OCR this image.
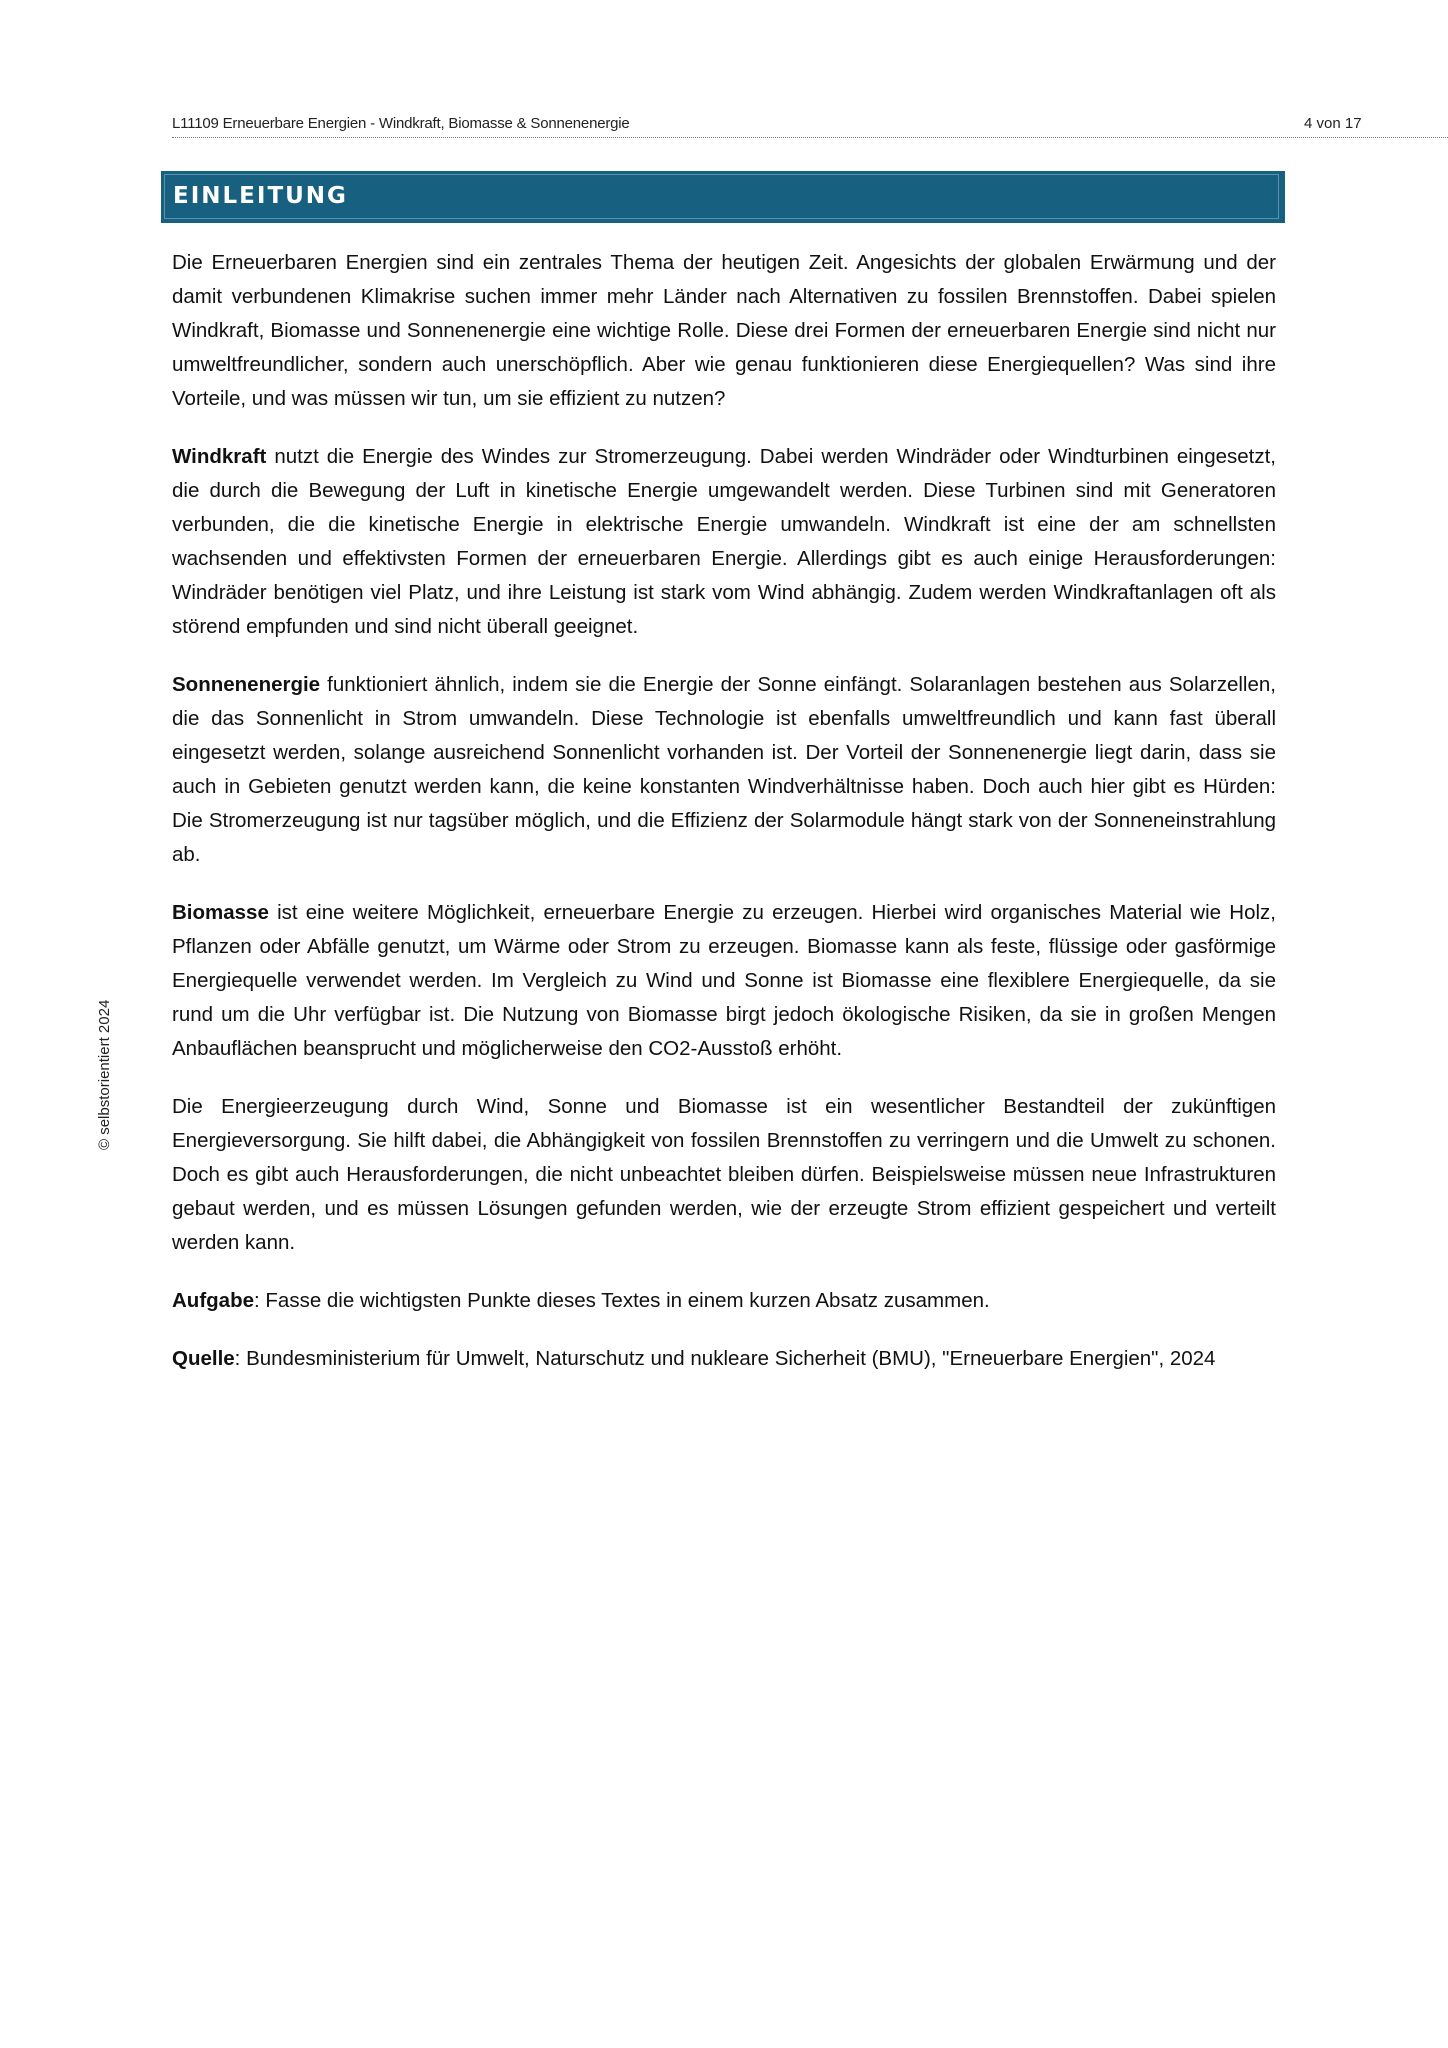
L11109 Erneuerbare Energien - Windkraft, Biomasse & Sonnenenergie	4 von 17
EINLEITUNG

Die Erneuerbaren Energien sind ein zentrales Thema der heutigen Zeit. Angesichts der globalen Erwärmung und der damit verbundenen Klimakrise suchen immer mehr Länder nach Alternativen zu fossilen Brennstoffen. Dabei spielen Windkraft, Biomasse und Sonnenenergie eine wichtige Rolle. Diese drei Formen der erneuerbaren Energie sind nicht nur umweltfreundlicher, sondern auch unerschöpflich. Aber wie genau funktionieren diese Energiequellen? Was sind ihre Vorteile, und was müssen wir tun, um sie effizient zu nutzen?

Windkraft nutzt die Energie des Windes zur Stromerzeugung. Dabei werden Windräder oder Windturbinen eingesetzt, die durch die Bewegung der Luft in kinetische Energie umgewandelt werden. Diese Turbinen sind mit Generatoren verbunden, die die kinetische Energie in elektrische Energie umwandeln. Windkraft ist eine der am schnellsten wachsenden und effektivsten Formen der erneuerbaren Energie. Allerdings gibt es auch einige Herausforderungen: Windräder benötigen viel Platz, und ihre Leistung ist stark vom Wind abhängig. Zudem werden Windkraftanlagen oft als störend empfunden und sind nicht überall geeignet.

Sonnenenergie funktioniert ähnlich, indem sie die Energie der Sonne einfängt. Solaranlagen bestehen aus Solarzellen, die das Sonnenlicht in Strom umwandeln. Diese Technologie ist ebenfalls umweltfreundlich und kann fast überall eingesetzt werden, solange ausreichend Sonnenlicht vorhanden ist. Der Vorteil der Sonnenenergie liegt darin, dass sie auch in Gebieten genutzt werden kann, die keine konstanten Windverhältnisse haben. Doch auch hier gibt es Hürden: Die Stromerzeugung ist nur tagsüber möglich, und die Effizienz der Solarmodule hängt stark von der Sonneneinstrahlung ab.

Biomasse ist eine weitere Möglichkeit, erneuerbare Energie zu erzeugen. Hierbei wird organisches Material wie Holz, Pflanzen oder Abfälle genutzt, um Wärme oder Strom zu erzeugen. Biomasse kann als feste, flüssige oder gasförmige Energiequelle verwendet werden. Im Vergleich zu Wind und Sonne ist Biomasse eine flexiblere Energiequelle, da sie rund um die Uhr verfügbar ist. Die Nutzung von Biomasse birgt jedoch ökologische Risiken, da sie in großen Mengen Anbauflächen beansprucht und möglicherweise den CO2-Ausstoß erhöht.

Die Energieerzeugung durch Wind, Sonne und Biomasse ist ein wesentlicher Bestandteil der zukünftigen Energieversorgung. Sie hilft dabei, die Abhängigkeit von fossilen Brennstoffen zu verringern und die Umwelt zu schonen. Doch es gibt auch Herausforderungen, die nicht unbeachtet bleiben dürfen. Beispielsweise müssen neue Infrastrukturen gebaut werden, und es müssen Lösungen gefunden werden, wie der erzeugte Strom effizient gespeichert und verteilt werden kann.

Aufgabe: Fasse die wichtigsten Punkte dieses Textes in einem kurzen Absatz zusammen.

Quelle: Bundesministerium für Umwelt, Naturschutz und nukleare Sicherheit (BMU), "Erneuerbare Energien", 2024

© selbstorientiert 2024
